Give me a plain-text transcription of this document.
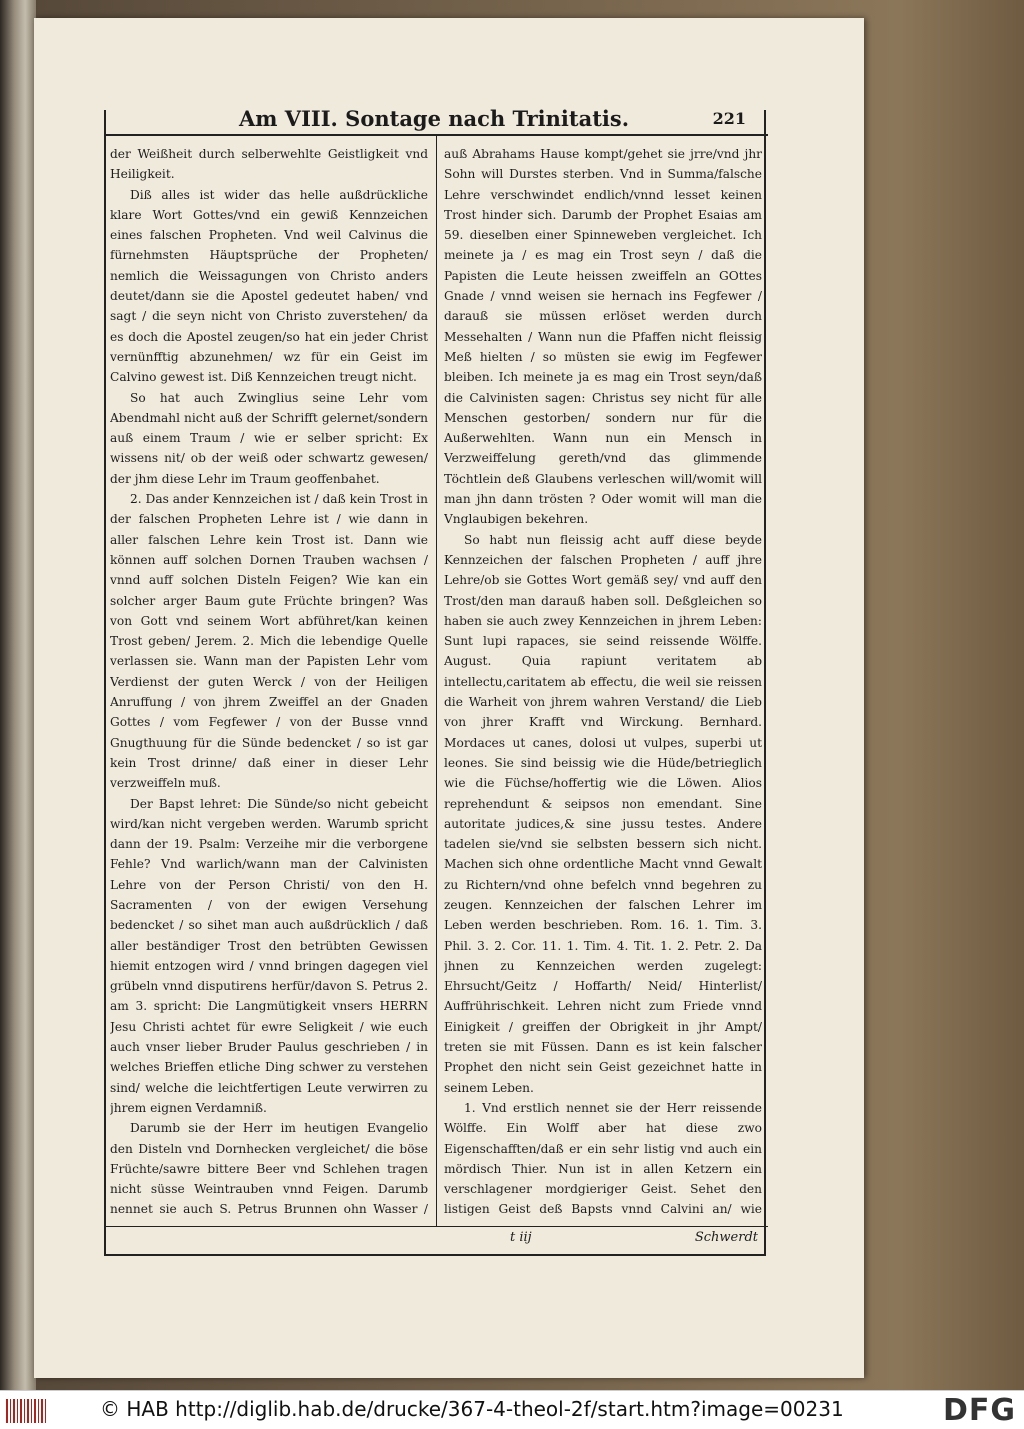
Am VIII. Sontage nach Trinitatis.	221

der Weißheit durch selberwehlte Geistligkeit vnd Heiligkeit.

Diß alles ist wider das helle außdrückliche klare Wort Gottes/vnd ein gewiß Kennzeichen eines falschen Propheten. Vnd weil Calvinus die fürnehmsten Häuptsprüche der Propheten/ nemlich die Weissagungen von Christo anders deutet/dann sie die Apostel gedeutet haben/ vnd sagt / die seyn nicht von Christo zuverstehen/ da es doch die Apostel zeugen/so hat ein jeder Christ vernünfftig abzunehmen/ wz für ein Geist im Calvino gewest ist. Diß Kennzeichen treugt nicht.

So hat auch Zwinglius seine Lehr vom Abendmahl nicht auß der Schrifft gelernet/sondern auß einem Traum / wie er selber spricht: Ex wissens nit/ ob der weiß oder schwartz gewesen/ der jhm diese Lehr im Traum geoffenbahet.

2. Das ander Kennzeichen ist / daß kein Trost in der falschen Propheten Lehre ist / wie dann in aller falschen Lehre kein Trost ist. Dann wie können auff solchen Dornen Trauben wachsen / vnnd auff solchen Disteln Feigen? Wie kan ein solcher arger Baum gute Früchte bringen? Was von Gott vnd seinem Wort abführet/kan keinen Trost geben/ Jerem. 2. Mich die lebendige Quelle verlassen sie. Wann man der Papisten Lehr vom Verdienst der guten Werck / von der Heiligen Anruffung / von jhrem Zweiffel an der Gnaden Gottes / vom Fegfewer / von der Busse vnnd Gnugthuung für die Sünde bedencket / so ist gar kein Trost drinne/ daß einer in dieser Lehr verzweiffeln muß.

Der Bapst lehret: Die Sünde/so nicht gebeicht wird/kan nicht vergeben werden. Warumb spricht dann der 19. Psalm: Verzeihe mir die verborgene Fehle? Vnd warlich/wann man der Calvinisten Lehre von der Person Christi/ von den H. Sacramenten / von der ewigen Versehung bedencket / so sihet man auch außdrücklich / daß aller beständiger Trost den betrübten Gewissen hiemit entzogen wird / vnnd bringen dagegen viel grübeln vnnd disputirens herfür/davon S. Petrus 2. am 3. spricht: Die Langmütigkeit vnsers HERRN Jesu Christi achtet für ewre Seligkeit / wie euch auch vnser lieber Bruder Paulus geschrieben / in welches Brieffen etliche Ding schwer zu verstehen sind/ welche die leichtfertigen Leute verwirren zu jhrem eignen Verdamniß.

Darumb sie der Herr im heutigen Evangelio den Disteln vnd Dornhecken vergleichet/ die böse Früchte/sawre bittere Beer vnd Schlehen tragen nicht süsse Weintrauben vnnd Feigen. Darumb nennet sie auch S. Petrus Brunnen ohn Wasser /

auß Abrahams Hause kompt/gehet sie jrre/vnd jhr Sohn will Durstes sterben. Vnd in Summa/falsche Lehre verschwindet endlich/vnnd lesset keinen Trost hinder sich. Darumb der Prophet Esaias am 59. dieselben einer Spinneweben vergleichet. Ich meinete ja / es mag ein Trost seyn / daß die Papisten die Leute heissen zweiffeln an GOttes Gnade / vnnd weisen sie hernach ins Fegfewer / darauß sie müssen erlöset werden durch Messehalten / Wann nun die Pfaffen nicht fleissig Meß hielten / so müsten sie ewig im Fegfewer bleiben. Ich meinete ja es mag ein Trost seyn/daß die Calvinisten sagen: Christus sey nicht für alle Menschen gestorben/ sondern nur für die Außerwehlten. Wann nun ein Mensch in Verzweiffelung gereth/vnd das glimmende Töchtlein deß Glaubens verleschen will/womit will man jhn dann trösten ? Oder womit will man die Vnglaubigen bekehren.

So habt nun fleissig acht auff diese beyde Kennzeichen der falschen Propheten / auff jhre Lehre/ob sie Gottes Wort gemäß sey/ vnd auff den Trost/den man darauß haben soll. Deßgleichen so haben sie auch zwey Kennzeichen in jhrem Leben: Sunt lupi rapaces, sie seind reissende Wölffe. August. Quia rapiunt veritatem ab intellectu,caritatem ab effectu, die weil sie reissen die Warheit von jhrem wahren Verstand/ die Lieb von jhrer Krafft vnd Wirckung. Bernhard. Mordaces ut canes, dolosi ut vulpes, superbi ut leones. Sie sind beissig wie die Hüde/betrieglich wie die Füchse/hoffertig wie die Löwen. Alios reprehendunt & seipsos non emendant. Sine autoritate judices,& sine jussu testes. Andere tadelen sie/vnd sie selbsten bessern sich nicht. Machen sich ohne ordentliche Macht vnnd Gewalt zu Richtern/vnd ohne befelch vnnd begehren zu zeugen. Kennzeichen der falschen Lehrer im Leben werden beschrieben. Rom. 16. 1. Tim. 3. Phil. 3. 2. Cor. 11. 1. Tim. 4. Tit. 1. 2. Petr. 2. Da jhnen zu Kennzeichen werden zugelegt: Ehrsucht/Geitz / Hoffarth/ Neid/ Hinterlist/ Auffrührischkeit. Lehren nicht zum Friede vnnd Einigkeit / greiffen der Obrigkeit in jhr Ampt/ treten sie mit Füssen. Dann es ist kein falscher Prophet den nicht sein Geist gezeichnet hatte in seinem Leben.

1. Vnd erstlich nennet sie der Herr reissende Wölffe. Ein Wolff aber hat diese zwo Eigenschafften/daß er ein sehr listig vnd auch ein mördisch Thier. Nun ist in allen Ketzern ein verschlagener mordgieriger Geist. Sehet den listigen Geist deß Bapsts vnnd Calvini an/ wie

t iij	Schwerdt
© HAB http://diglib.hab.de/drucke/367-4-theol-2f/start.htm?image=00231	DFG
